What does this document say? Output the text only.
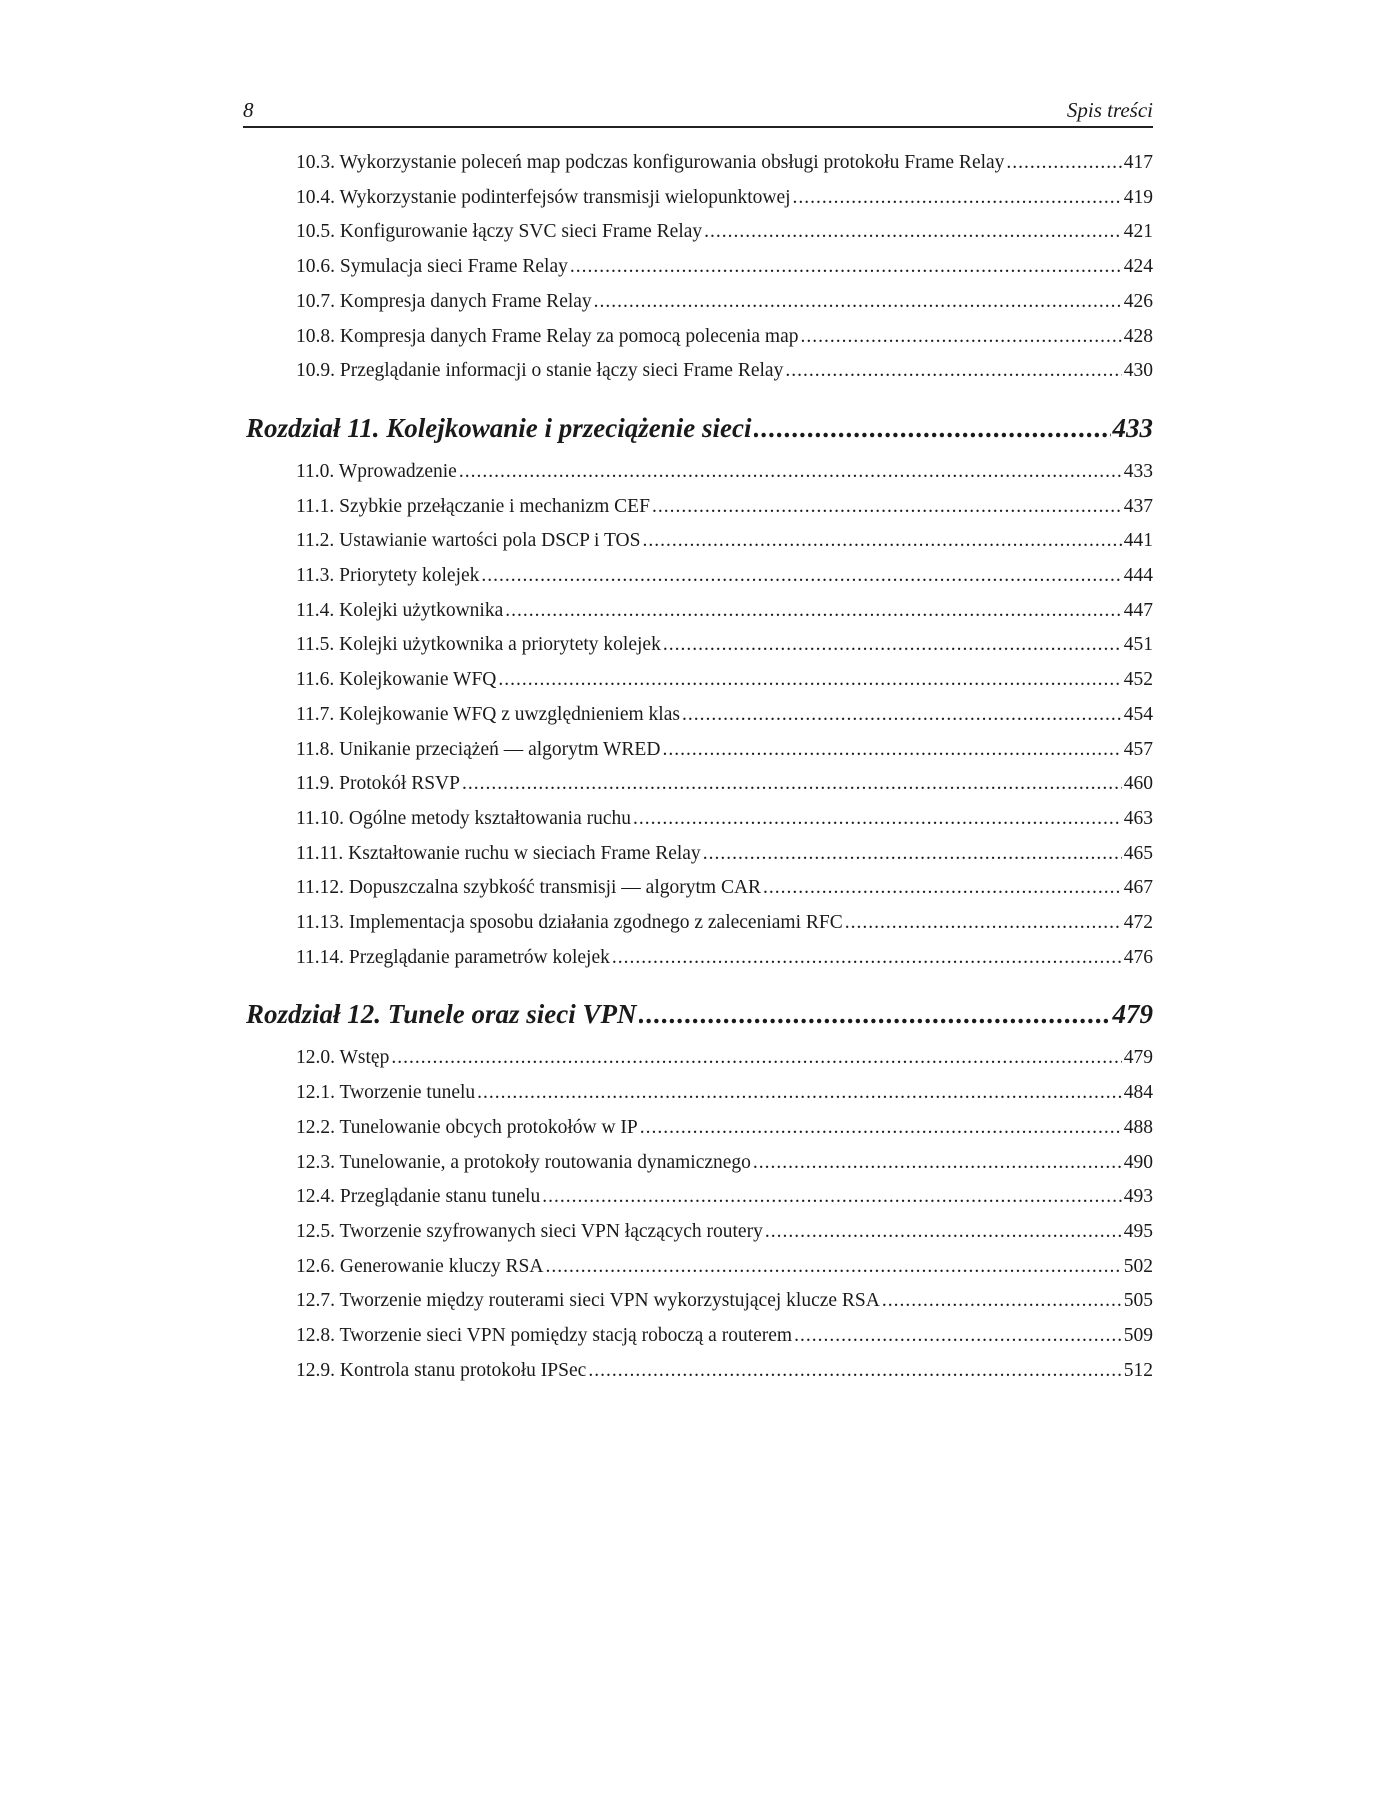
8	Spis treści
10.3. Wykorzystanie poleceń map podczas konfigurowania obsługi protokołu Frame Relay .....	417
10.4. Wykorzystanie podinterfejsów transmisji wielopunktowej .....	419
10.5. Konfigurowanie łączy SVC sieci Frame Relay .....	421
10.6. Symulacja sieci Frame Relay .....	424
10.7. Kompresja danych Frame Relay .....	426
10.8. Kompresja danych Frame Relay za pomocą polecenia map .....	428
10.9. Przeglądanie informacji o stanie łączy sieci Frame Relay .....	430
Rozdział 11. Kolejkowanie i przeciążenie sieci .....	433
11.0. Wprowadzenie .....	433
11.1. Szybkie przełączanie i mechanizm CEF .....	437
11.2. Ustawianie wartości pola DSCP i TOS .....	441
11.3. Priorytety kolejek .....	444
11.4. Kolejki użytkownika .....	447
11.5. Kolejki użytkownika a priorytety kolejek .....	451
11.6. Kolejkowanie WFQ .....	452
11.7. Kolejkowanie WFQ z uwzględnieniem klas .....	454
11.8. Unikanie przeciążeń — algorytm WRED .....	457
11.9. Protokół RSVP .....	460
11.10. Ogólne metody kształtowania ruchu .....	463
11.11. Kształtowanie ruchu w sieciach Frame Relay .....	465
11.12. Dopuszczalna szybkość transmisji — algorytm CAR .....	467
11.13. Implementacja sposobu działania zgodnego z zaleceniami RFC .....	472
11.14. Przeglądanie parametrów kolejek .....	476
Rozdział 12. Tunele oraz sieci VPN .....	479
12.0. Wstęp .....	479
12.1. Tworzenie tunelu .....	484
12.2. Tunelowanie obcych protokołów w IP .....	488
12.3. Tunelowanie, a protokoły routowania dynamicznego .....	490
12.4. Przeglądanie stanu tunelu .....	493
12.5. Tworzenie szyfrowanych sieci VPN łączących routery .....	495
12.6. Generowanie kluczy RSA .....	502
12.7. Tworzenie między routerami sieci VPN wykorzystującej klucze RSA .....	505
12.8. Tworzenie sieci VPN pomiędzy stacją roboczą a routerem .....	509
12.9. Kontrola stanu protokołu IPSec .....	512
